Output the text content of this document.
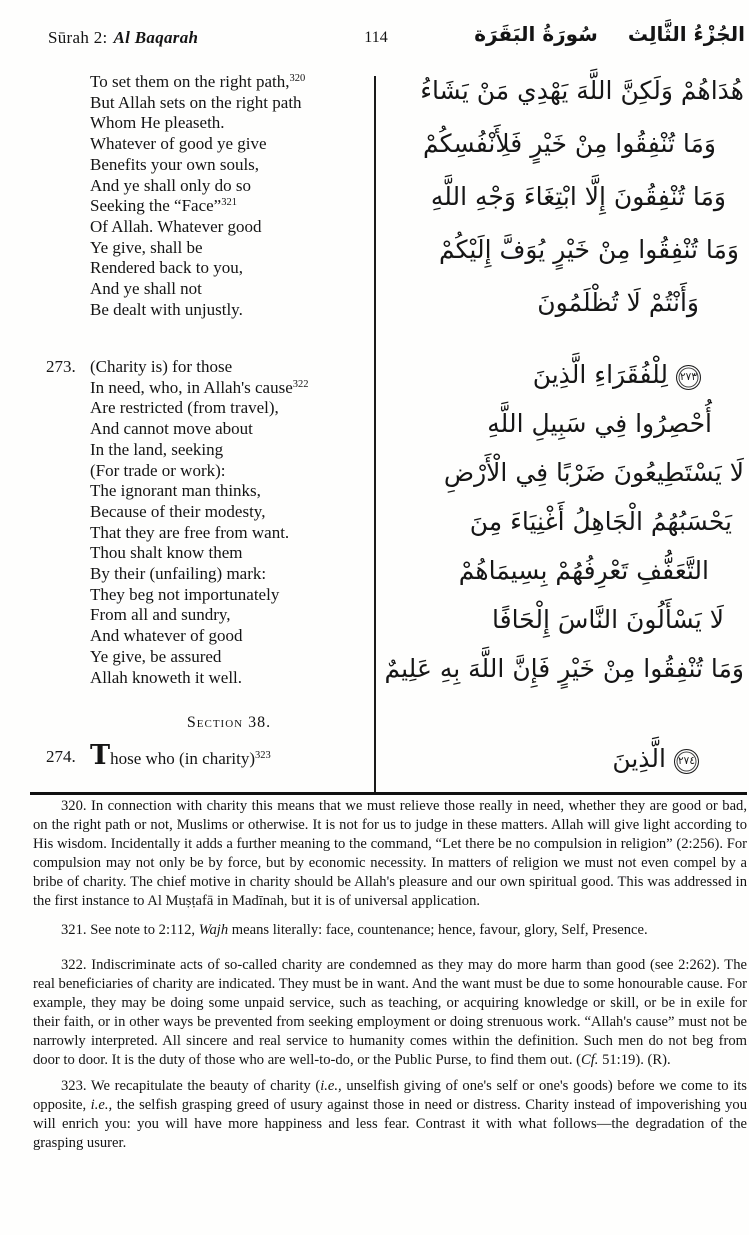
Sūrah 2: Al Baqarah	114	الجُزْءُ الثَّالِث
سُورَةُ البَقَرَة
To set them on the right path,$^{320}$
But Allah sets on the right path
Whom He pleaseth.
Whatever of good ye give
Benefits your own souls,
And ye shall only do so
Seeking the “Face”$^{321}$
Of Allah. Whatever good
Ye give, shall be
Rendered back to you,
And ye shall not
Be dealt with unjustly.
273. (Charity is) for those
In need, who, in Allah's cause$^{322}$
Are restricted (from travel),
And cannot move about
In the land, seeking
(For trade or work):
The ignorant man thinks,
Because of their modesty,
That they are free from want.
Thou shalt know them
By their (unfailing) mark:
They beg not importunately
From all and sundry,
And whatever of good
Ye give, be assured
Allah knoweth it well.
Section 38.
274. Those who (in charity)$^{323}$
هُدَاهُمْ وَلَكِنَّ اللَّهَ يَهْدِي مَنْ يَشَاءُ
وَمَا تُنْفِقُوا مِنْ خَيْرٍ فَلِأَنْفُسِكُمْ
وَمَا تُنْفِقُونَ إِلَّا ابْتِغَاءَ وَجْهِ اللَّهِ
وَمَا تُنْفِقُوا مِنْ خَيْرٍ يُوَفَّ إِلَيْكُمْ
وَأَنْتُمْ لَا تُظْلَمُونَ
٢٧٣لِلْفُقَرَاءِ الَّذِينَ
أُحْصِرُوا فِي سَبِيلِ اللَّهِ
لَا يَسْتَطِيعُونَ ضَرْبًا فِي الْأَرْضِ
يَحْسَبُهُمُ الْجَاهِلُ أَغْنِيَاءَ مِنَ
التَّعَفُّفِ تَعْرِفُهُمْ بِسِيمَاهُمْ
لَا يَسْأَلُونَ النَّاسَ إِلْحَافًا
وَمَا تُنْفِقُوا مِنْ خَيْرٍ فَإِنَّ اللَّهَ بِهِ عَلِيمٌ
٢٧٤الَّذِينَ

320. In connection with charity this means that we must relieve those really in need, whether they are good or bad, on the right path or not, Muslims or otherwise. It is not for us to judge in these matters. Allah will give light according to His wisdom. Incidentally it adds a further meaning to the command, “Let there be no compulsion in religion” (2:256). For compulsion may not only be by force, but by economic necessity. In matters of religion we must not even compel by a bribe of charity. The chief motive in charity should be Allah's pleasure and our own spiritual good. This was addressed in the first instance to Al Muṣṭafā in Madīnah, but it is of universal application.

321. See note to 2:112, Wajh means literally: face, countenance; hence, favour, glory, Self, Presence.

322. Indiscriminate acts of so-called charity are condemned as they may do more harm than good (see 2:262). The real beneficiaries of charity are indicated. They must be in want. And the want must be due to some honourable cause. For example, they may be doing some unpaid service, such as teaching, or acquiring knowledge or skill, or be in exile for their faith, or in other ways be prevented from seeking employment or doing strenuous work. “Allah's cause” must not be narrowly interpreted. All sincere and real service to humanity comes within the definition. Such men do not beg from door to door. It is the duty of those who are well-to-do, or the Public Purse, to find them out. (Cf. 51:19). (R).

323. We recapitulate the beauty of charity (i.e., unselfish giving of one's self or one's goods) before we come to its opposite, i.e., the selfish grasping greed of usury against those in need or distress. Charity instead of impoverishing you will enrich you: you will have more happiness and less fear. Contrast it with what follows—the degradation of the grasping usurer.
